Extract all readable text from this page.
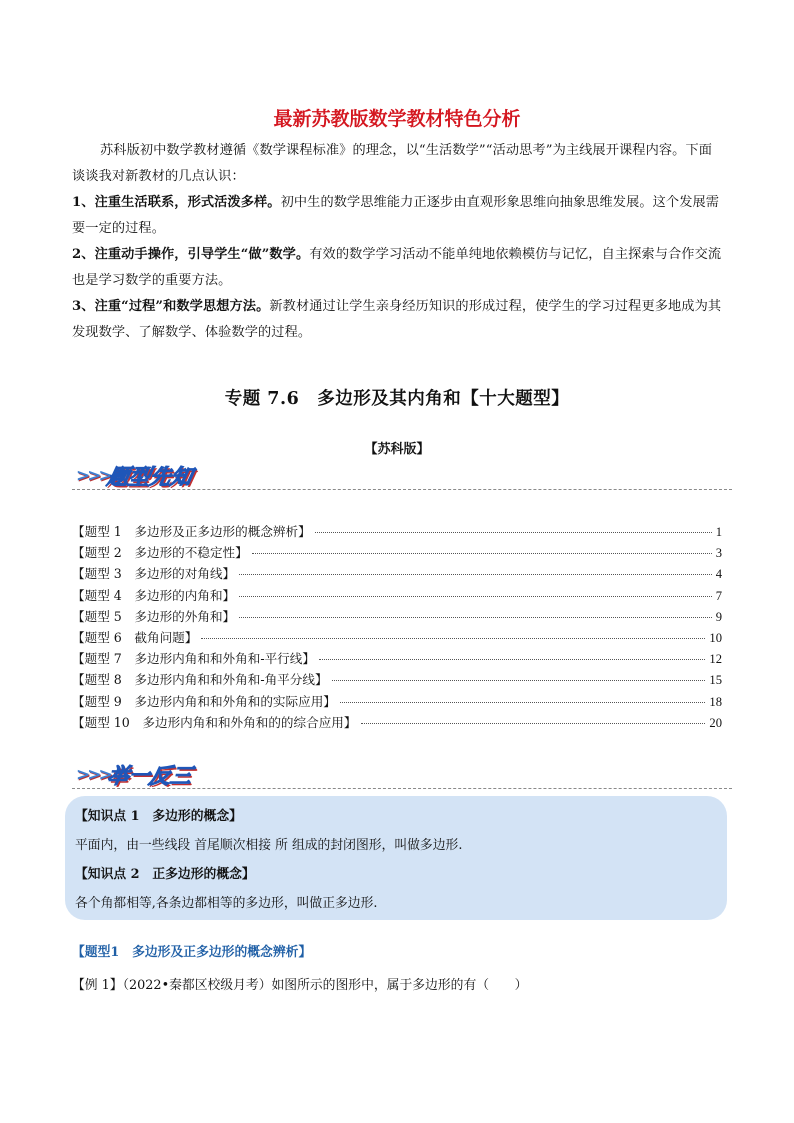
最新苏教版数学教材特色分析

苏科版初中数学教材遵循《数学课程标准》的理念，以“生活数学”“活动思考”为主线展开课程内容。下面谈谈我对新教材的几点认识：

1、注重生活联系，形式活泼多样。初中生的数学思维能力正逐步由直观形象思维向抽象思维发展。这个发展需要一定的过程。

2、注重动手操作，引导学生“做”数学。有效的数学学习活动不能单纯地依赖模仿与记忆，自主探索与合作交流也是学习数学的重要方法。

3、注重“过程”和数学思想方法。新教材通过让学生亲身经历知识的形成过程，使学生的学习过程更多地成为其发现数学、了解数学、体验数学的过程。

专题 7.6　多边形及其内角和【十大题型】
【苏科版】
>>>
题型先知
【题型 1　多边形及正多边形的概念辨析】	1
【题型 2　多边形的不稳定性】	3
【题型 3　多边形的对角线】	4
【题型 4　多边形的内角和】	7
【题型 5　多边形的外角和】	9
【题型 6　截角问题】	10
【题型 7　多边形内角和和外角和-平行线】	12
【题型 8　多边形内角和和外角和-角平分线】	15
【题型 9　多边形内角和和外角和的实际应用】	18
【题型 10　多边形内角和和外角和的的综合应用】	20
>>>
举一反三
【知识点 1　多边形的概念】
平面内，由一些线段 首尾顺次相接 所 组成的封闭图形，叫做多边形.
【知识点 2　正多边形的概念】
各个角都相等,各条边都相等的多边形，叫做正多边形.
【题型1　多边形及正多边形的概念辨析】
【例 1】（2022•秦都区校级月考）如图所示的图形中，属于多边形的有（　　）
